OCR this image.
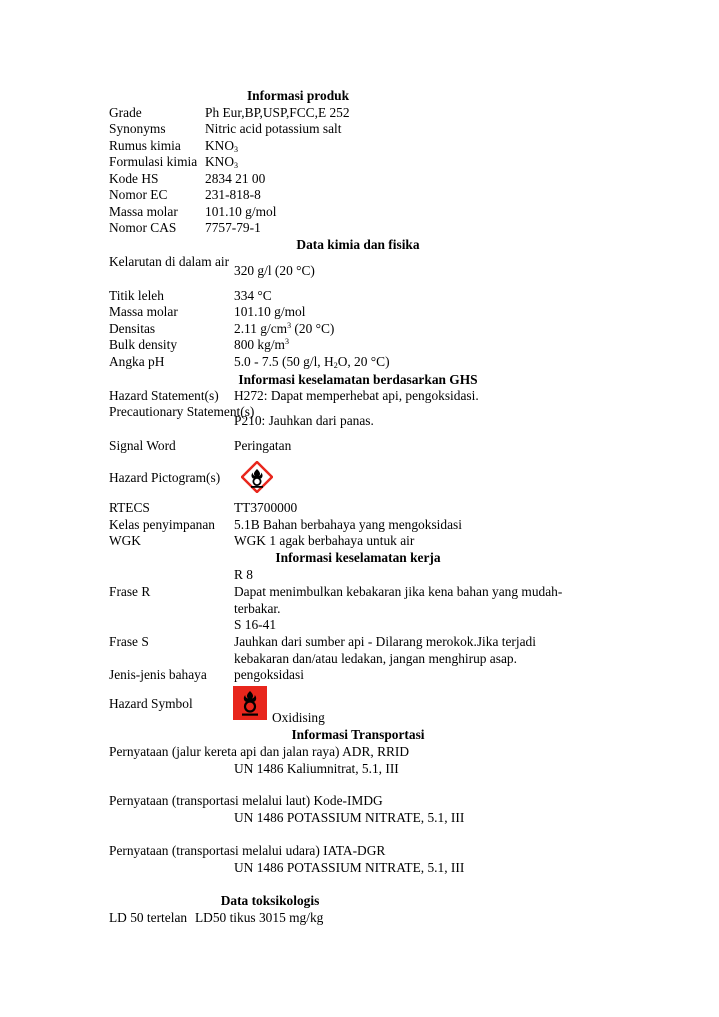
Informasi produk
Grade	Ph Eur,BP,USP,FCC,E 252
Synonyms	Nitric acid potassium salt
Rumus kimia $KNO_3$
Formulasi kimia $KNO_3$
Kode HS	2834 21 00
Nomor EC	231-818-8
Massa molar 101.10 g/mol
Nomor CAS 7757-79-1
Data kimia dan fisika
Kelarutan di dalam air
320 g/l (20 °C)
Titik leleh	334 °C
Massa molar	101.10 g/mol
Densitas	2.11 $g/cm^3$ (20 °C)
Bulk density	800 $kg/m^3$
Angka pH	5.0 - 7.5 (50 g/l, $H_2O$, 20 °C)
Informasi keselamatan berdasarkan GHS
Hazard Statement(s) H272: Dapat memperhebat api, pengoksidasi.
Precautionary Statement(s)
P210: Jauhkan dari panas.
Signal Word	Peringatan
Hazard Pictogram(s)
RTECS	TT3700000
Kelas penyimpanan 5.1B Bahan berbahaya yang mengoksidasi
WGK	WGK 1 agak berbahaya untuk air
Informasi keselamatan kerja
Frase R
R 8
Dapat menimbulkan kebakaran jika kena bahan yang mudah-terbakar.
Frase S
S 16-41
Jauhkan dari sumber api - Dilarang merokok.Jika terjadi kebakaran dan/atau ledakan, jangan menghirup asap.
Jenis-jenis bahaya pengoksidasi
Hazard Symbol
Oxidising
Informasi Transportasi
Pernyataan (jalur kereta api dan jalan raya) ADR, RRID
UN 1486 Kaliumnitrat, 5.1, III
Pernyataan (transportasi melalui laut) Kode-IMDG
UN 1486 POTASSIUM NITRATE, 5.1, III
Pernyataan (transportasi melalui udara) IATA-DGR
UN 1486 POTASSIUM NITRATE, 5.1, III
Data toksikologis
LD 50 tertelan LD50 tikus 3015 mg/kg
